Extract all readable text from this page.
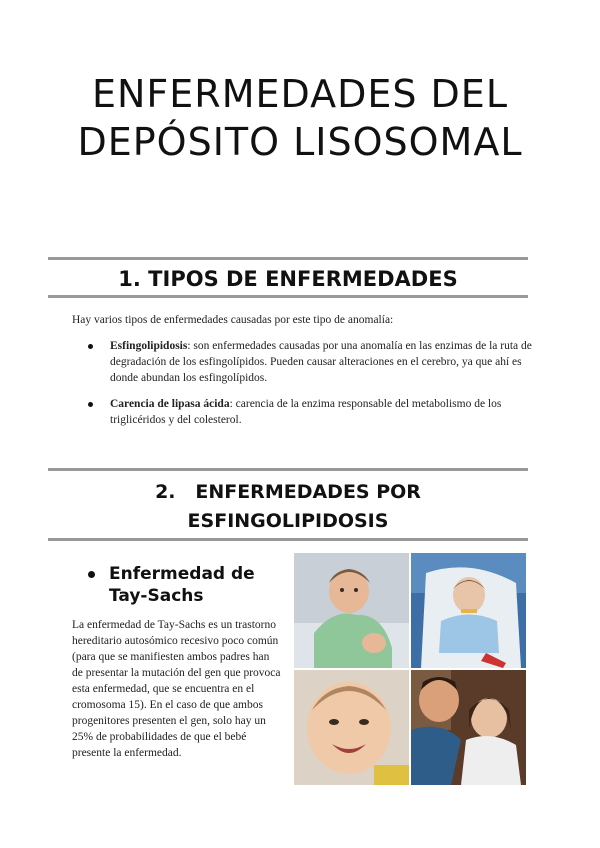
ENFERMEDADES DEL
DEPÓSITO LISOSOMAL
1. TIPOS DE ENFERMEDADES
Hay varios tipos de enfermedades causadas por este tipo de anomalía:
Esfingolipidosis: son enfermedades causadas por una anomalía en las enzimas de la ruta de degradación de los esfingolípidos. Pueden causar alteraciones en el cerebro, ya que ahí es donde abundan los esfingolípidos.
Carencia de lipasa ácida: carencia de la enzima responsable del metabolismo de los triglicéridos y del colesterol.
2.   ENFERMEDADES POR
ESFINGOLIPIDOSIS
Enfermedad de Tay-Sachs
La enfermedad de Tay-Sachs es un trastorno hereditario autosómico recesivo poco común (para que se manifiesten ambos padres han de presentar la mutación del gen que provoca esta enfermedad, que se encuentra en el cromosoma 15). En el caso de que ambos progenitores presenten el gen, solo hay un 25% de probabilidades de que el bebé presente la enfermedad.
